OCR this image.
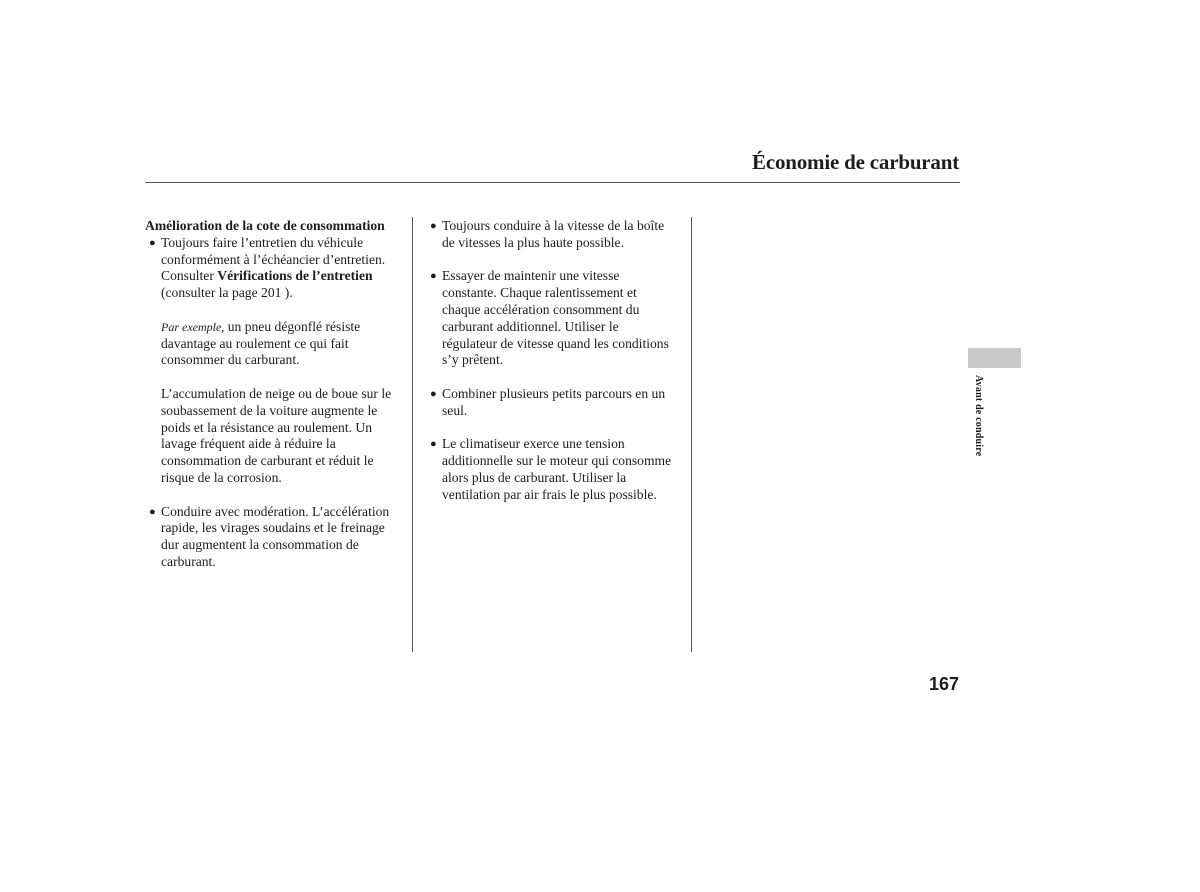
Économie de carburant
Amélioration de la cote de consommation
● Toujours faire l’entretien du véhicule
conformément à l’échéancier d’entretien.
Consulter Vérifications de l’entretien
(consulter la page 201 ).
Par exemple, un pneu dégonflé résiste
davantage au roulement ce qui fait
consommer du carburant.
L’accumulation de neige ou de boue sur le
soubassement de la voiture augmente le
poids et la résistance au roulement. Un
lavage fréquent aide à réduire la
consommation de carburant et réduit le
risque de la corrosion.
● Conduire avec modération. L’accélération
rapide, les virages soudains et le freinage
dur augmentent la consommation de
carburant.
● Toujours conduire à la vitesse de la boîte
de vitesses la plus haute possible.
● Essayer de maintenir une vitesse
constante. Chaque ralentissement et
chaque accélération consomment du
carburant additionnel. Utiliser le
régulateur de vitesse quand les conditions
s’y prêtent.
● Combiner plusieurs petits parcours en un
seul.
● Le climatiseur exerce une tension
additionnelle sur le moteur qui consomme
alors plus de carburant. Utiliser la
ventilation par air frais le plus possible.
Avant de conduire
167
